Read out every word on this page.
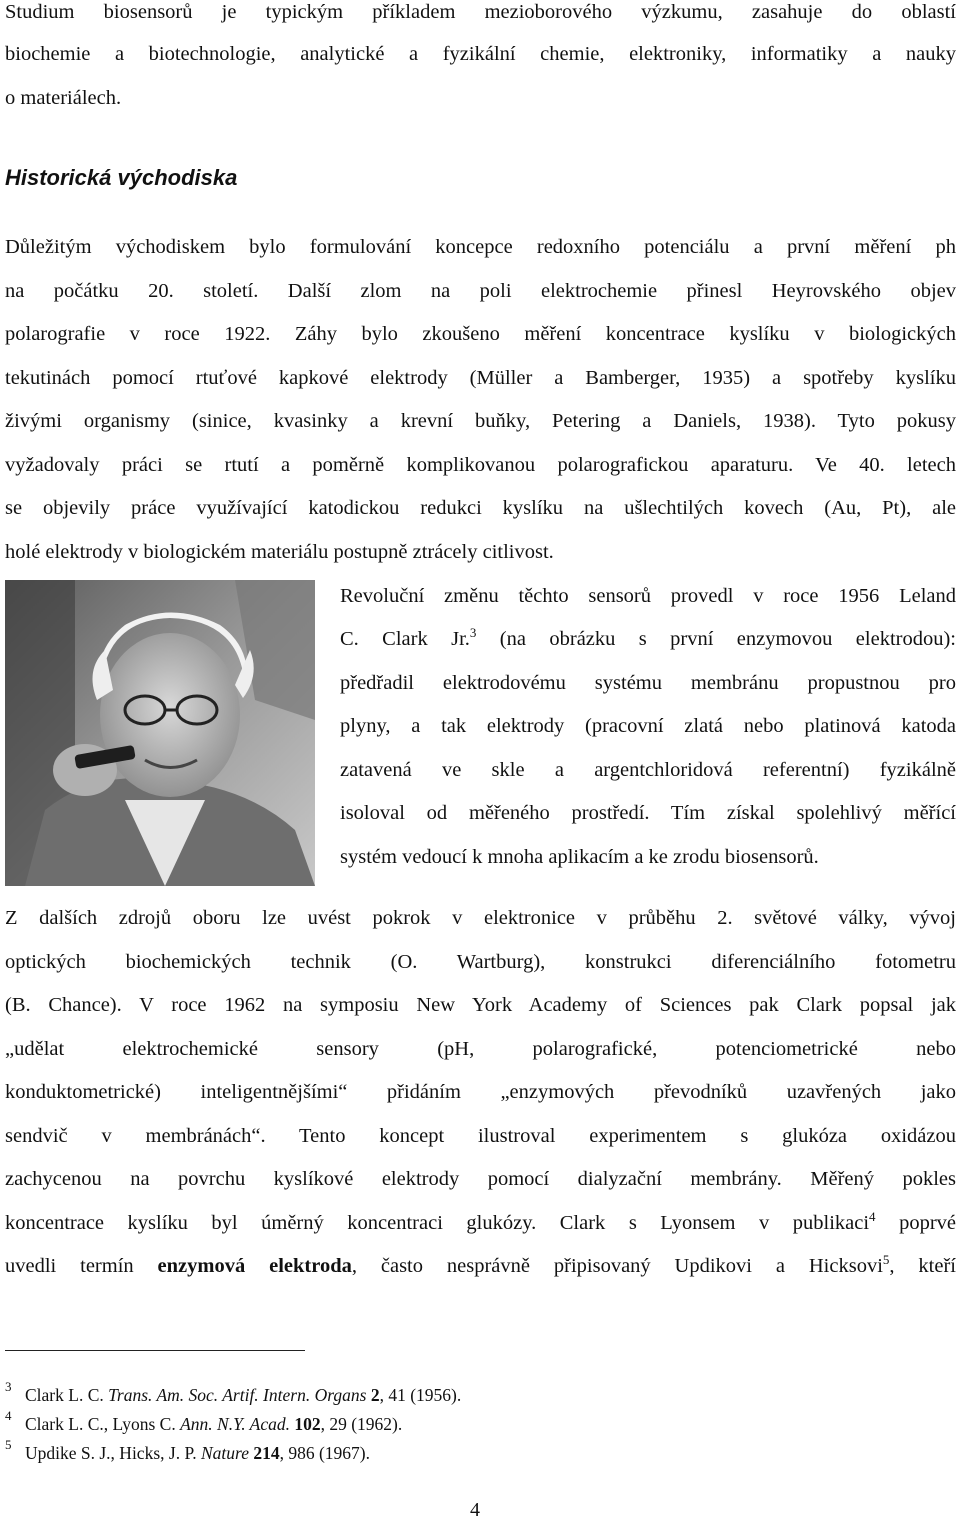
Studium biosensorů je typickým příkladem mezioborového výzkumu, zasahuje do oblastí
biochemie a biotechnologie, analytické a fyzikální chemie, elektroniky, informatiky a nauky
o materiálech.
Historická východiska
Důležitým východiskem bylo formulování koncepce redoxního potenciálu a první měření ph
na počátku 20. století. Další zlom na poli elektrochemie přinesl Heyrovského objev
polarografie v roce 1922. Záhy bylo zkoušeno měření koncentrace kyslíku v biologických
tekutinách pomocí rtuťové kapkové elektrody (Müller a Bamberger, 1935) a spotřeby kyslíku
živými organismy (sinice, kvasinky a krevní buňky, Petering a Daniels, 1938). Tyto pokusy
vyžadovaly práci se rtutí a poměrně komplikovanou polarografickou aparaturu. Ve 40. letech
se objevily práce využívající katodickou redukci kyslíku na ušlechtilých kovech (Au, Pt), ale
holé elektrody v biologickém materiálu postupně ztrácely citlivost.
Revoluční změnu těchto sensorů provedl v roce 1956 Leland
C. Clark Jr.$^3$ (na obrázku s první enzymovou elektrodou):
předřadil elektrodovému systému membránu propustnou pro
plyny, a tak elektrody (pracovní zlatá nebo platinová katoda
zatavená ve skle a argentchloridová referentní) fyzikálně
isoloval od měřeného prostředí. Tím získal spolehlivý měřící
systém vedoucí k mnoha aplikacím a ke zrodu biosensorů.
Z dalších zdrojů oboru lze uvést pokrok v elektronice v průběhu 2. světové války, vývoj
optických biochemických technik (O. Wartburg), konstrukci diferenciálního fotometru
(B. Chance). V roce 1962 na symposiu New York Academy of Sciences pak Clark popsal jak
„udělat elektrochemické sensory (pH, polarografické, potenciometrické nebo
konduktometrické) inteligentnějšími“ přidáním „enzymových převodníků uzavřených jako
sendvič v membránách“. Tento koncept ilustroval experimentem s glukóza oxidázou
zachycenou na povrchu kyslíkové elektrody pomocí dialyzační membrány. Měřený pokles
koncentrace kyslíku byl úměrný koncentraci glukózy. Clark s Lyonsem v publikaci$^4$ poprvé
uvedli termín enzymová elektroda, často nesprávně připisovaný Updikovi a Hicksovi$^5$, kteří
3 Clark L. C. Trans. Am. Soc. Artif. Intern. Organs 2, 41 (1956).
4 Clark L. C., Lyons C. Ann. N.Y. Acad. 102, 29 (1962).
5 Updike S. J., Hicks, J. P. Nature 214, 986 (1967).
4
